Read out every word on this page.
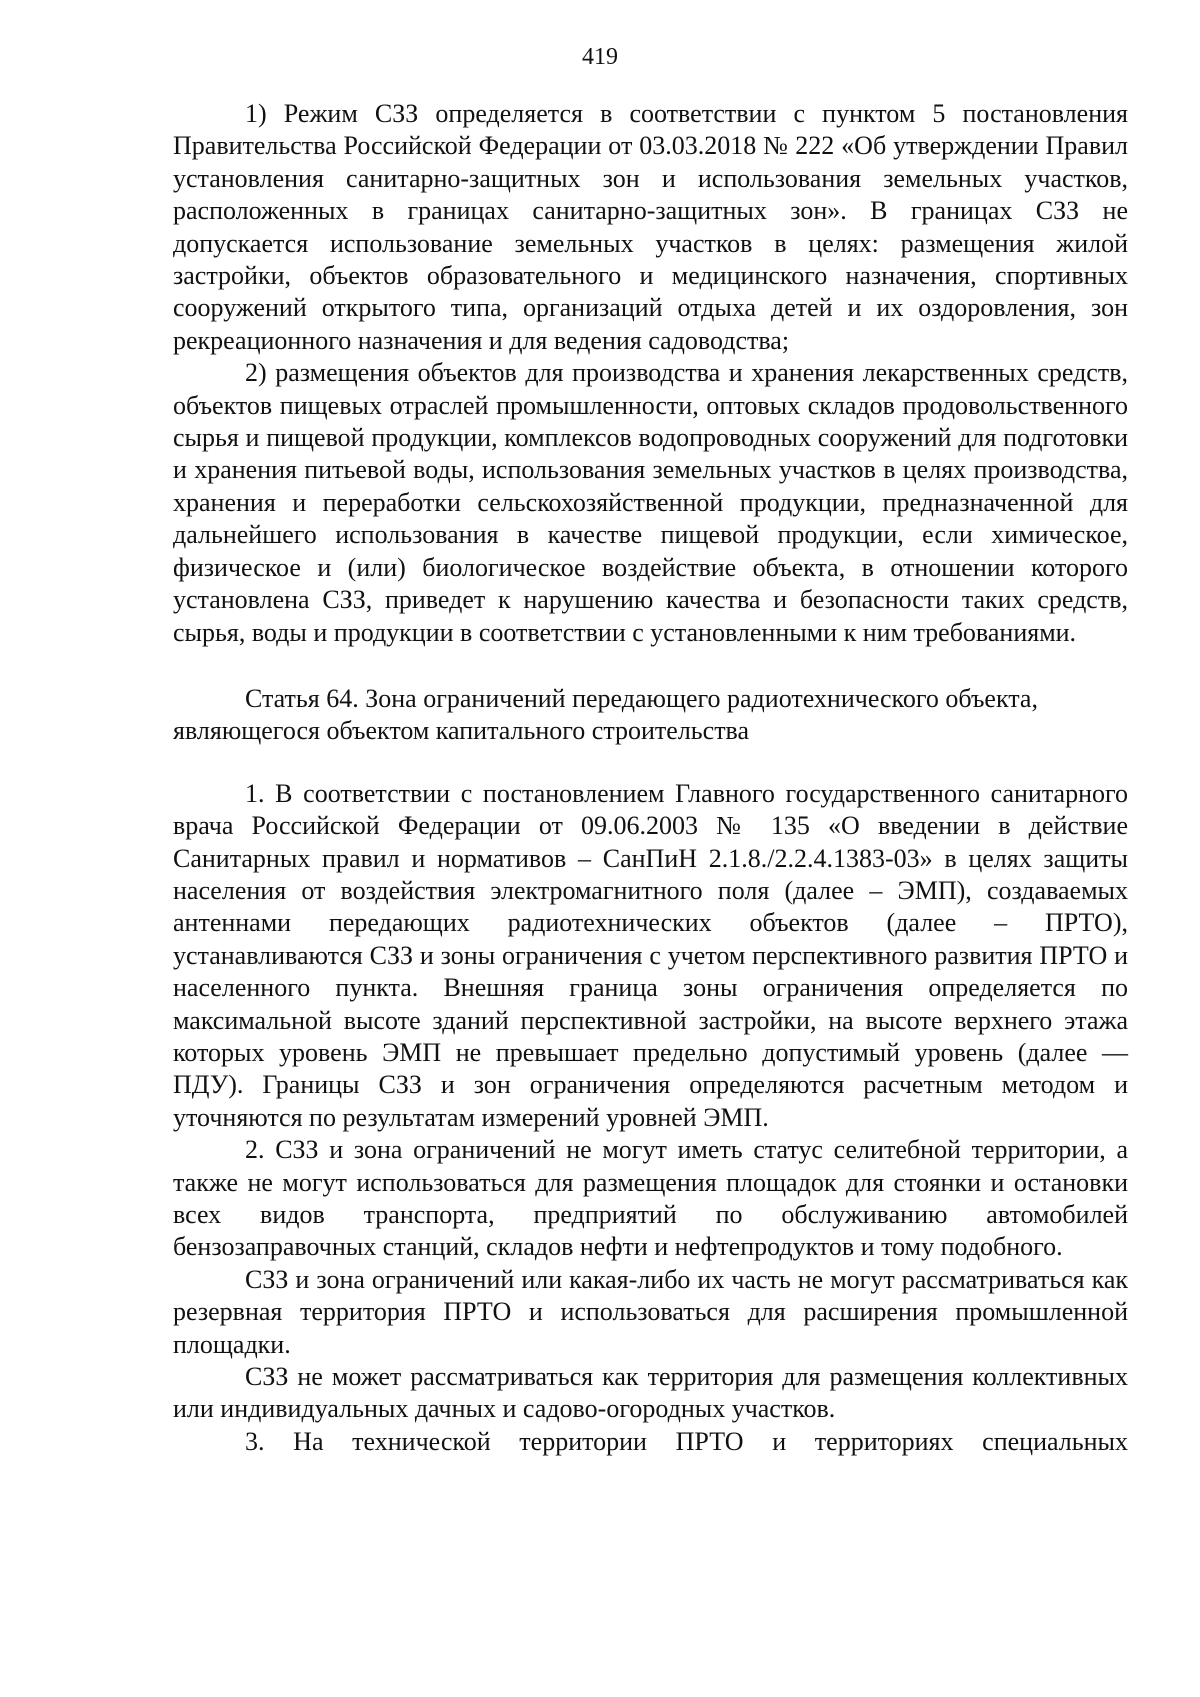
419

1) Режим СЗЗ определяется в соответствии с пунктом 5 постановления Правительства Российской Федерации от 03.03.2018 № 222 «Об утверждении Правил установления санитарно-защитных зон и использования земельных участков, расположенных в границах санитарно-защитных зон». В границах СЗЗ не допускается использование земельных участков в целях: размещения жилой застройки, объектов образовательного и медицинского назначения, спортивных сооружений открытого типа, организаций отдыха детей и их оздоровления, зон рекреационного назначения и для ведения садоводства;

2) размещения объектов для производства и хранения лекарственных средств, объектов пищевых отраслей промышленности, оптовых складов продовольственного сырья и пищевой продукции, комплексов водопроводных сооружений для подготовки и хранения питьевой воды, использования земельных участков в целях производства, хранения и переработки сельскохозяйственной продукции, предназначенной для дальнейшего использования в качестве пищевой продукции, если химическое, физическое и (или) биологическое воздействие объекта, в отношении которого установлена СЗЗ, приведет к нарушению качества и безопасности таких средств, сырья, воды и продукции в соответствии с установленными к ним требованиями.

Статья 64. Зона ограничений передающего радиотехнического объекта, являющегося объектом капитального строительства

1. В соответствии с постановлением Главного государственного санитарного врача Российской Федерации от 09.06.2003 № 135 «О введении в действие Санитарных правил и нормативов – СанПиН 2.1.8./2.2.4.1383-03» в целях защиты населения от воздействия электромагнитного поля (далее – ЭМП), создаваемых антеннами передающих радиотехнических объектов (далее – ПРТО), устанавливаются СЗЗ и зоны ограничения с учетом перспективного развития ПРТО и населенного пункта. Внешняя граница зоны ограничения определяется по максимальной высоте зданий перспективной застройки, на высоте верхнего этажа которых уровень ЭМП не превышает предельно допустимый уровень (далее — ПДУ). Границы СЗЗ и зон ограничения определяются расчетным методом и уточняются по результатам измерений уровней ЭМП.

2. СЗЗ и зона ограничений не могут иметь статус селитебной территории, а также не могут использоваться для размещения площадок для стоянки и остановки всех видов транспорта, предприятий по обслуживанию автомобилей бензозаправочных станций, складов нефти и нефтепродуктов и тому подобного.

СЗЗ и зона ограничений или какая-либо их часть не могут рассматриваться как резервная территория ПРТО и использоваться для расширения промышленной площадки.

СЗЗ не может рассматриваться как территория для размещения коллективных или индивидуальных дачных и садово-огородных участков.

3. На технической территории ПРТО и территориях специальных
